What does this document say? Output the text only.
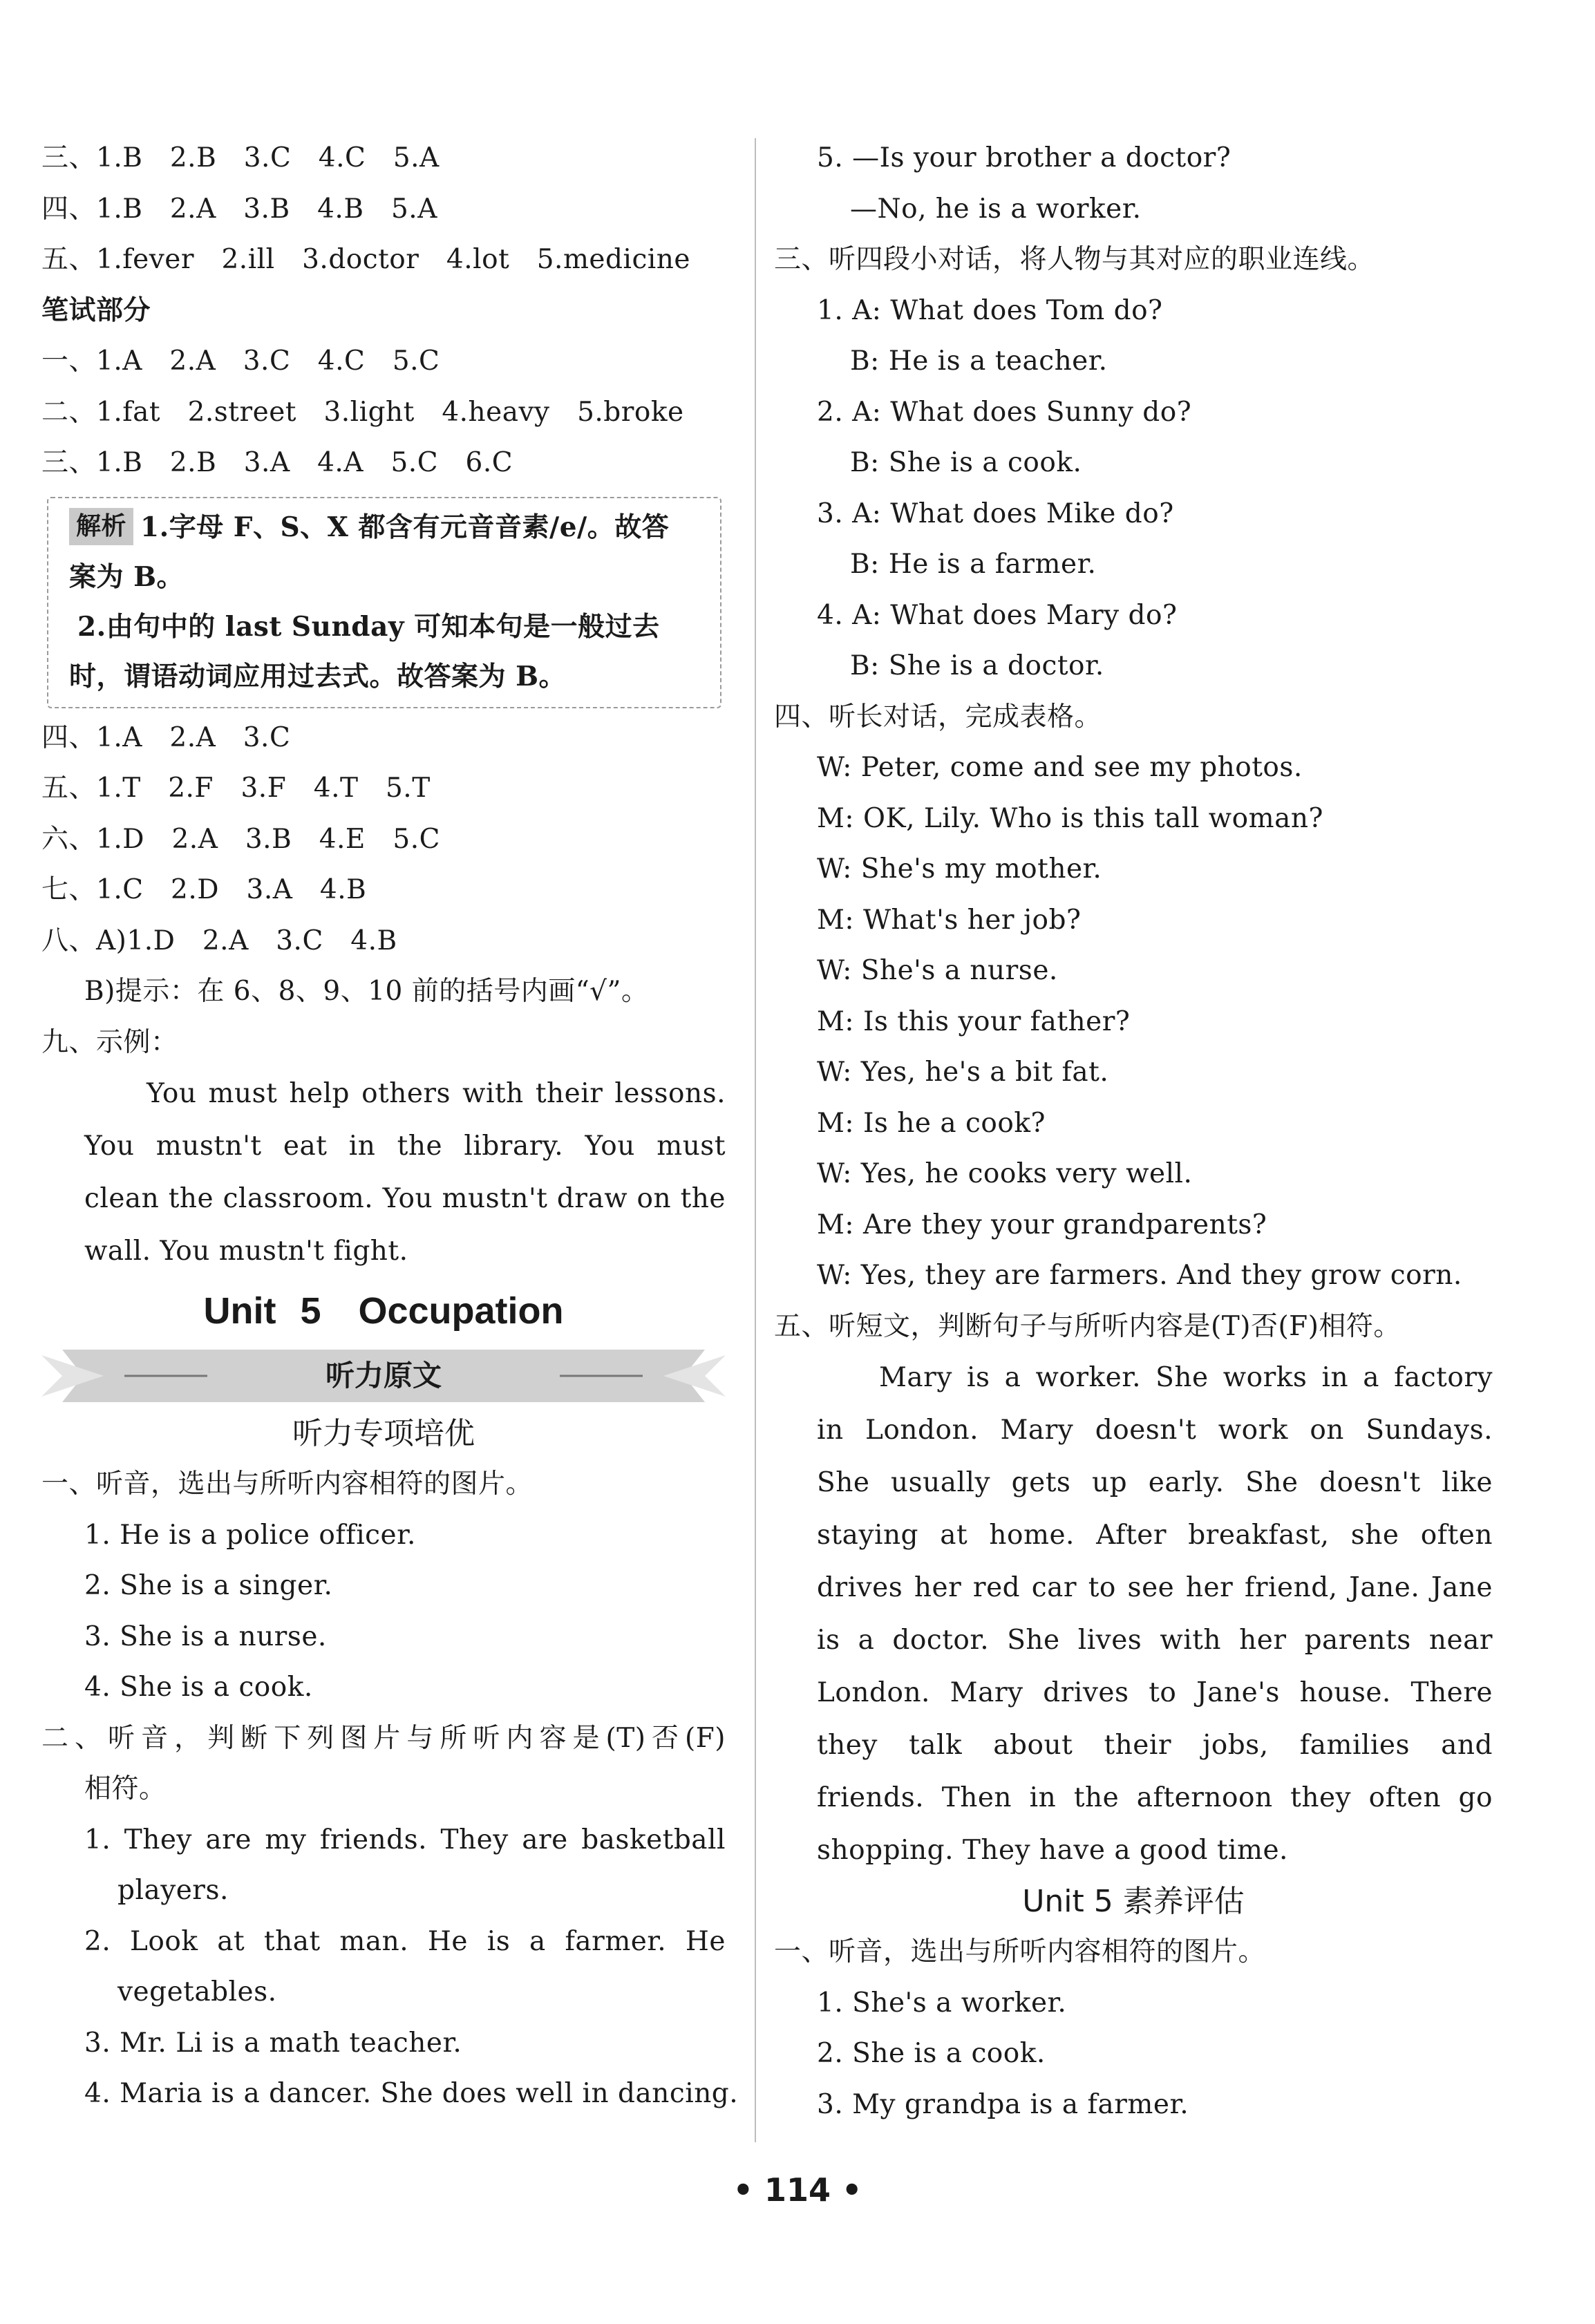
三、1.B　2.B　3.C　4.C　5.A
四、1.B　2.A　3.B　4.B　5.A
五、1.fever　2.ill　3.doctor　4.lot　5.medicine
笔试部分
一、1.A　2.A　3.C　4.C　5.C
二、1.fat　2.street　3.light　4.heavy　5.broke
三、1.B　2.B　3.A　4.A　5.C　6.C
解析 1.字母 F、S、X 都含有元音音素/e/。故答
案为 B。
2.由句中的 last Sunday 可知本句是一般过去
时，谓语动词应用过去式。故答案为 B。
四、1.A　2.A　3.C
五、1.T　2.F　3.F　4.T　5.T
六、1.D　2.A　3.B　4.E　5.C
七、1.C　2.D　3.A　4.B
八、A)1.D　2.A　3.C　4.B
B)提示：在 6、8、9、10 前的括号内画“√”。
九、示例：
You must help others with their lessons.
You mustn't eat in the library. You must
clean the classroom. You mustn't draw on the
wall. You mustn't fight.
Unit 5　Occupation
听力原文
听力专项培优
一、听音，选出与所听内容相符的图片。
1. He is a police officer.
2. She is a singer.
3. She is a nurse.
4. She is a cook.
二、听音，判断下列图片与所听内容是(T)否(F)
相符。
1. They are my friends. They are basketball
players.
2. Look at that man. He is a farmer. He
vegetables.
3. Mr. Li is a math teacher.
4. Maria is a dancer. She does well in dancing.
5. —Is your brother a doctor?
—No, he is a worker.
三、听四段小对话，将人物与其对应的职业连线。
1. A: What does Tom do?
B: He is a teacher.
2. A: What does Sunny do?
B: She is a cook.
3. A: What does Mike do?
B: He is a farmer.
4. A: What does Mary do?
B: She is a doctor.
四、听长对话，完成表格。
W: Peter, come and see my photos.
M: OK, Lily. Who is this tall woman?
W: She's my mother.
M: What's her job?
W: She's a nurse.
M: Is this your father?
W: Yes, he's a bit fat.
M: Is he a cook?
W: Yes, he cooks very well.
M: Are they your grandparents?
W: Yes, they are farmers. And they grow corn.
五、听短文，判断句子与所听内容是(T)否(F)相符。
Mary is a worker. She works in a factory
in London. Mary doesn't work on Sundays.
She usually gets up early. She doesn't like
staying at home. After breakfast, she often
drives her red car to see her friend, Jane. Jane
is a doctor. She lives with her parents near
London. Mary drives to Jane's house. There
they talk about their jobs, families and
friends. Then in the afternoon they often go
shopping. They have a good time.
Unit 5 素养评估
一、听音，选出与所听内容相符的图片。
1. She's a worker.
2. She is a cook.
3. My grandpa is a farmer.
• 114 •
